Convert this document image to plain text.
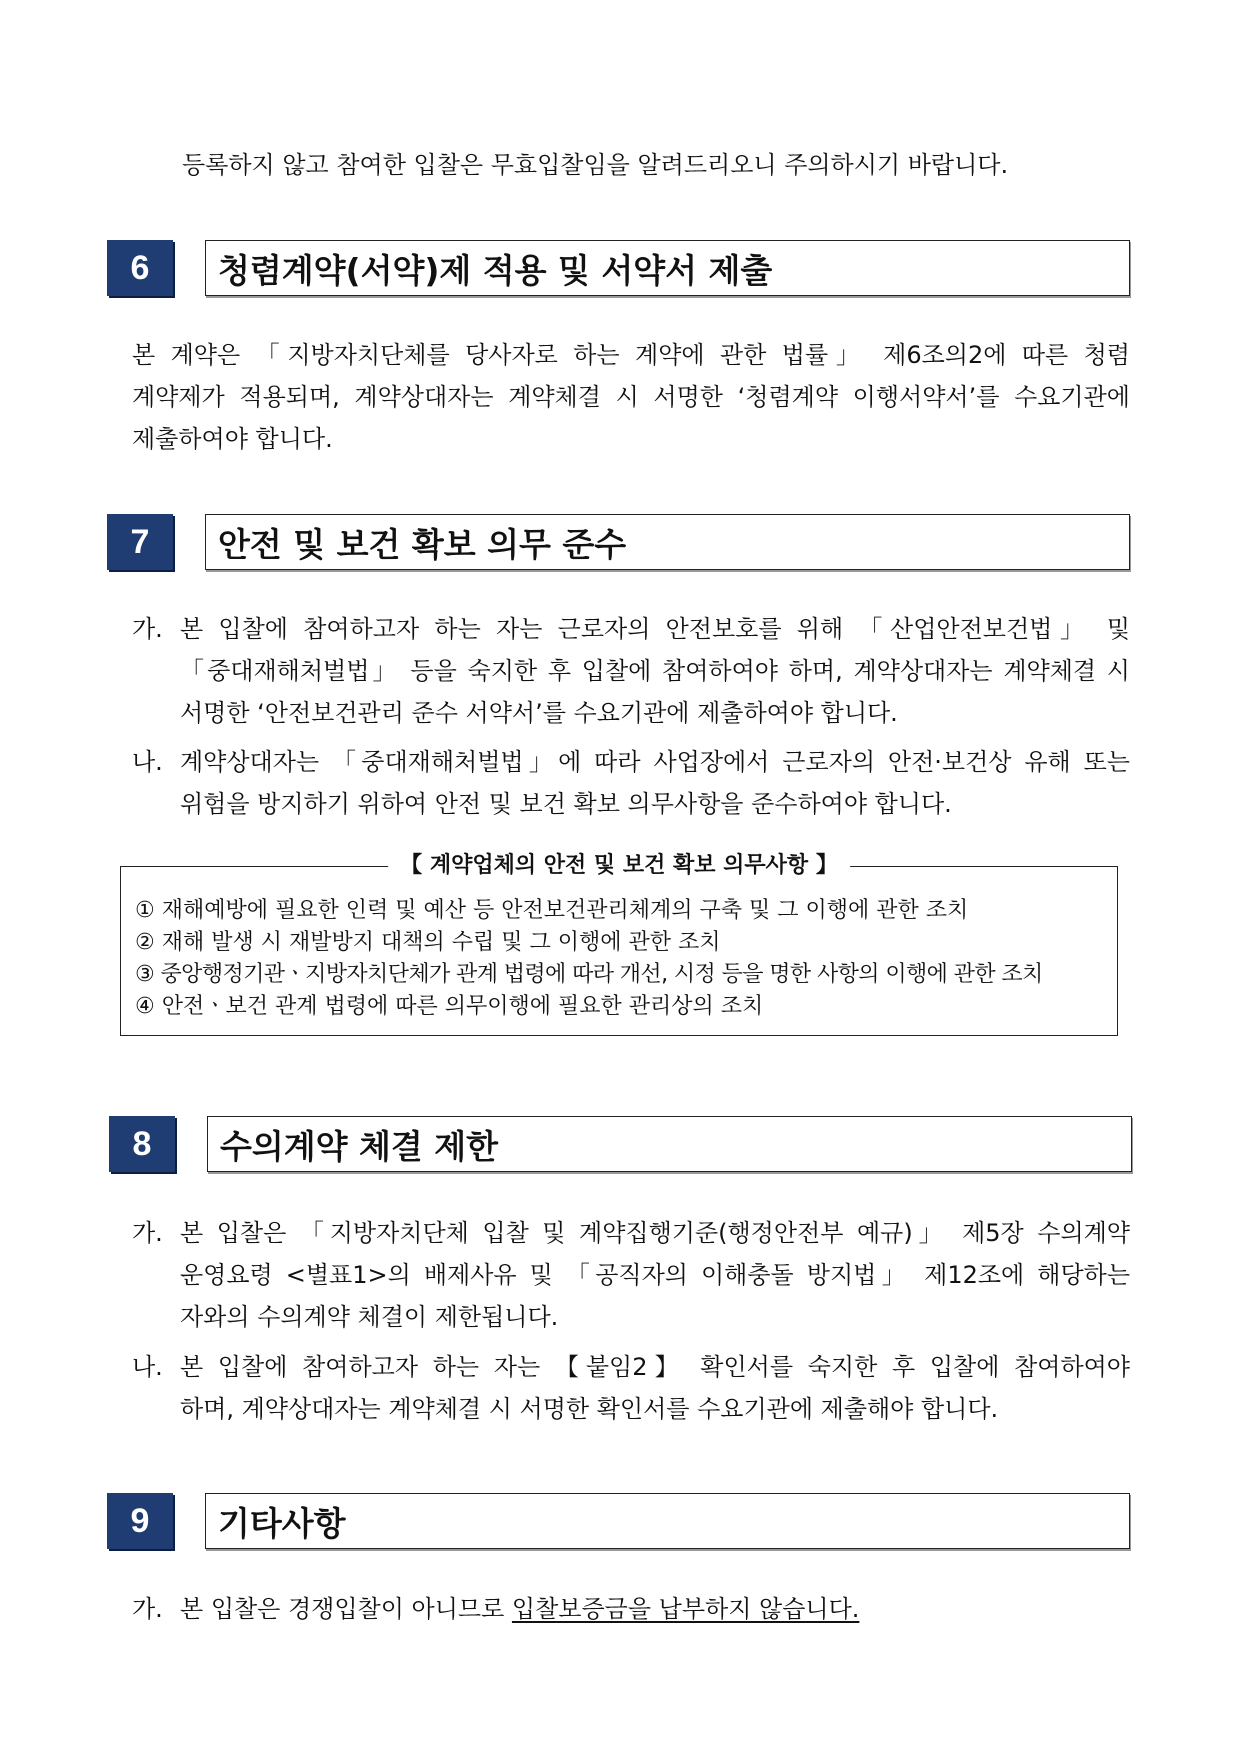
등록하지 않고 참여한 입찰은 무효입찰임을 알려드리오니 주의하시기 바랍니다.

6	청렴계약(서약)제 적용 및 서약서 제출

본 계약은 「지방자치단체를 당사자로 하는 계약에 관한 법률」 제6조의2에 따른 청렴

계약제가 적용되며, 계약상대자는 계약체결 시 서명한 ‘청렴계약 이행서약서’를 수요기관에

제출하여야 합니다.

7	안전 및 보건 확보 의무 준수
가. 본 입찰에 참여하고자 하는 자는 근로자의 안전보호를 위해 「산업안전보건법」 및
「중대재해처벌법」 등을 숙지한 후 입찰에 참여하여야 하며, 계약상대자는 계약체결 시
서명한 ‘안전보건관리 준수 서약서’를 수요기관에 제출하여야 합니다.
나. 계약상대자는 「중대재해처벌법」에 따라 사업장에서 근로자의 안전·보건상 유해 또는
위험을 방지하기 위하여 안전 및 보건 확보 의무사항을 준수하여야 합니다.
【 계약업체의 안전 및 보건 확보 의무사항 】
① 재해예방에 필요한 인력 및 예산 등 안전보건관리체계의 구축 및 그 이행에 관한 조치
② 재해 발생 시 재발방지 대책의 수립 및 그 이행에 관한 조치
③ 중앙행정기관ㆍ지방자치단체가 관계 법령에 따라 개선, 시정 등을 명한 사항의 이행에 관한 조치
④ 안전ㆍ보건 관계 법령에 따른 의무이행에 필요한 관리상의 조치
8	수의계약 체결 제한
가. 본 입찰은 「지방자치단체 입찰 및 계약집행기준(행정안전부 예규)」 제5장 수의계약
운영요령 <별표1>의 배제사유 및 「공직자의 이해충돌 방지법」 제12조에 해당하는
자와의 수의계약 체결이 제한됩니다.
나. 본 입찰에 참여하고자 하는 자는 【붙임2】 확인서를 숙지한 후 입찰에 참여하여야
하며, 계약상대자는 계약체결 시 서명한 확인서를 수요기관에 제출해야 합니다.
9	기타사항
가. 본 입찰은 경쟁입찰이 아니므로 입찰보증금을 납부하지 않습니다.
